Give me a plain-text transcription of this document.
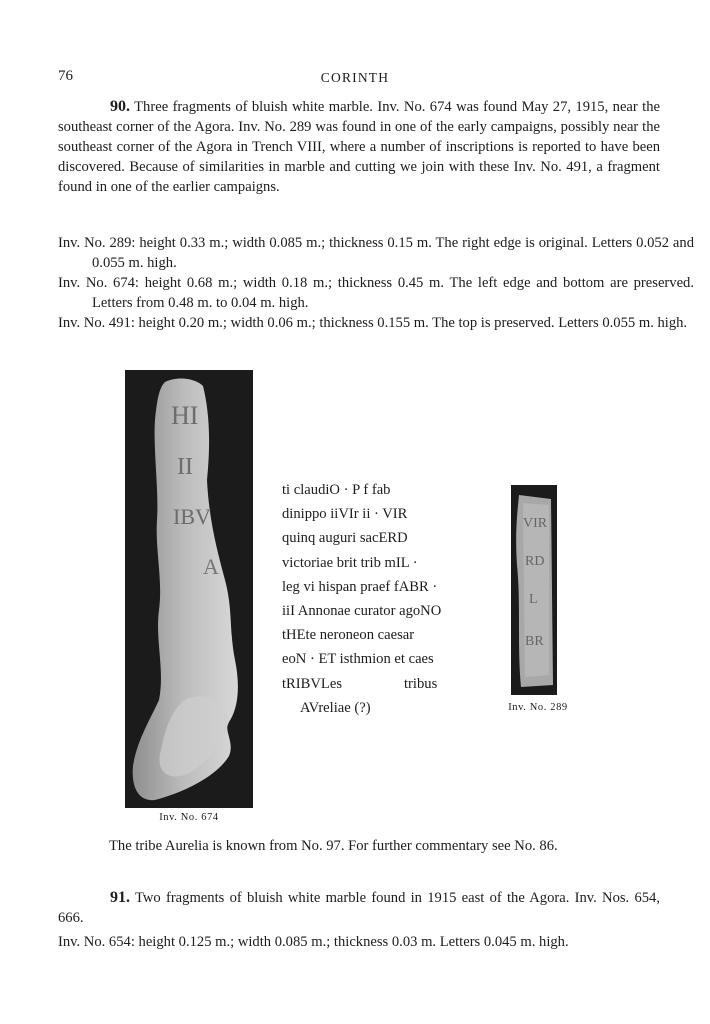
76	CORINTH
90. Three fragments of bluish white marble. Inv. No. 674 was found May 27, 1915, near the southeast corner of the Agora. Inv. No. 289 was found in one of the early campaigns, possibly near the southeast corner of the Agora in Trench VIII, where a number of inscriptions is reported to have been discovered. Because of similarities in marble and cutting we join with these Inv. No. 491, a fragment found in one of the earlier campaigns.
Inv. No. 289: height 0.33 m.; width 0.085 m.; thickness 0.15 m. The right edge is original. Letters 0.052 and 0.055 m. high.
Inv. No. 674: height 0.68 m.; width 0.18 m.; thickness 0.45 m. The left edge and bottom are preserved. Letters from 0.48 m. to 0.04 m. high.
Inv. No. 491: height 0.20 m.; width 0.06 m.; thickness 0.155 m. The top is preserved. Letters 0.055 m. high.
HI
II
IBV
A
Inv. No. 674
ti claudiO · P f fab
dinippo iiVIr ii · VIR
quinq auguri sacERD
victoriae brit trib mIL ·
leg vi hispan praef fABR ·
iiI Annonae curator agoNO
tHEte neroneon caesar
eoN · ET isthmion et caes
tRIBVLes	tribus
AVreliae (?)
VIR
RD
L
BR
Inv. No. 289
The tribe Aurelia is known from No. 97. For further commentary see No. 86.
91. Two fragments of bluish white marble found in 1915 east of the Agora. Inv. Nos. 654, 666.
Inv. No. 654: height 0.125 m.; width 0.085 m.; thickness 0.03 m. Letters 0.045 m. high.
